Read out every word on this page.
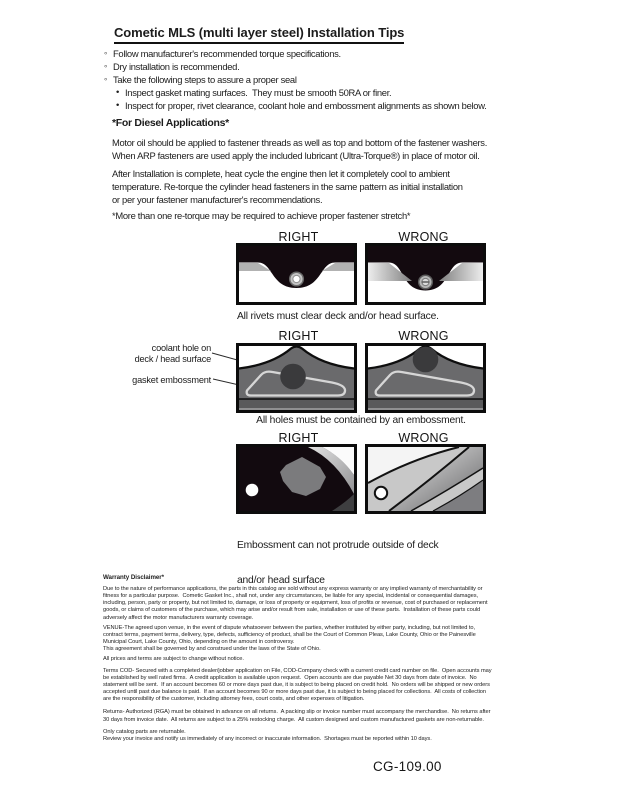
Cometic MLS (multi layer steel) Installation Tips
◦ Follow manufacturer's recommended torque specifications.
◦ Dry installation is recommended.
◦ Take the following steps to assure a proper seal
• Inspect gasket mating surfaces.  They must be smooth 50RA or finer.
• Inspect for proper, rivet clearance, coolant hole and embossment alignments as shown below.
*For Diesel Applications*
Motor oil should be applied to fastener threads as well as top and bottom of the fastener washers.
When ARP fasteners are used apply the included lubricant (Ultra-Torque®) in place of motor oil.
After Installation is complete, heat cycle the engine then let it completely cool to ambient
temperature. Re-torque the cylinder head fasteners in the same pattern as initial installation
or per your fastener manufacturer's recommendations.
*More than one re-torque may be required to achieve proper fastener stretch*
RIGHT	WRONG
All rivets must clear deck and/or head surface.
coolant hole on
deck / head surface
gasket embossment
RIGHT	WRONG
All holes must be contained by an embossment.
RIGHT	WRONG

Embossment can not protrude outside of deck

and/or head surface

Warranty Disclaimer*
Due to the nature of performance applications, the parts in this catalog are sold without any express warranty or any implied warranty of merchantability or
fitness for a particular purpose.  Cometic Gasket Inc., shall not, under any circumstances, be liable for any special, incidental or consequential damages,
including, person, party or property, but not limited to, damage, or loss of property or equipment, loss of profits or revenue, cost of purchased or replacement
goods, or claims of customers of the purchase, which may arise and/or result from sale, installation or use of these parts.  Installation of these parts could
adversely affect the motor manufacturers warranty coverage.
VENUE-The agreed upon venue, in the event of dispute whatsoever between the parties, whether instituted by either party, including, but not limited to,
contract terms, payment terms, delivery, type, defects, sufficiency of product, shall be the Court of Common Pleas, Lake County, Ohio or the Painesville
Municipal Court, Lake County, Ohio, depending on the amount in controversy.
This agreement shall be governed by and construed under the laws of the State of Ohio.
All prices and terms are subject to change without notice.
Terms COD- Secured with a completed dealer/jobber application on File, COD-Company check with a current credit card number on file.  Open accounts may
be established by well rated firms.  A credit application is available upon request.  Open accounts are due payable Net 30 days from date of invoice.  No
statement will be sent.  If an account becomes 60 or more days past due, it is subject to being placed on credit hold.  No orders will be shipped or new orders
accepted until past due balance is paid.  If an account becomes 90 or more days past due, it is subject to being placed for collections.  All costs of collection
are the responsibility of the customer, including attorney fees, court costs, and other expenses of litigation.
Returns- Authorized (RGA) must be obtained in advance on all returns.  A packing slip or invoice number must accompany the merchandise.  No returns after
30 days from invoice date.  All returns are subject to a 25% restocking charge.  All custom designed and custom manufactured gaskets are non-returnable.
Only catalog parts are returnable.
Review your invoice and notify us immediately of any incorrect or inaccurate information.  Shortages must be reported within 10 days.
CG-109.00
